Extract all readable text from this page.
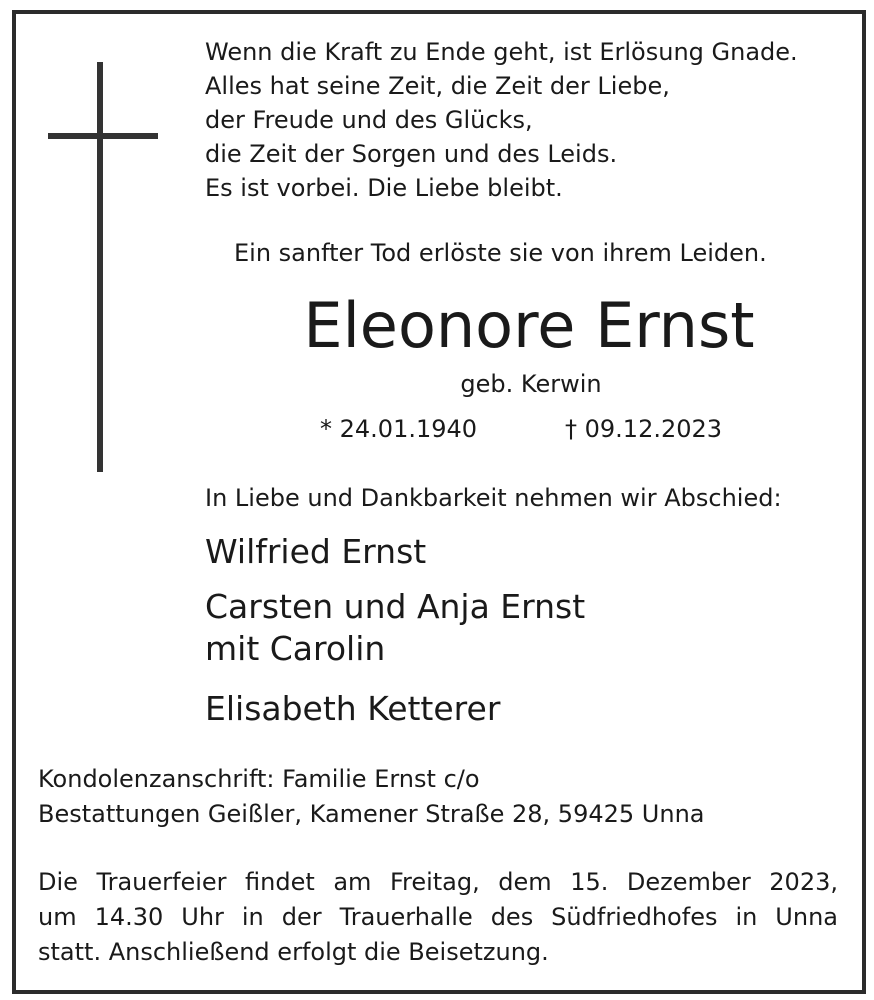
Wenn die Kraft zu Ende geht, ist Erlösung Gnade.
Alles hat seine Zeit, die Zeit der Liebe,
der Freude und des Glücks,
die Zeit der Sorgen und des Leids.
Es ist vorbei. Die Liebe bleibt.
Ein sanfter Tod erlöste sie von ihrem Leiden.
Eleonore Ernst
geb. Kerwin
* 24.01.1940	† 09.12.2023
In Liebe und Dankbarkeit nehmen wir Abschied:
Wilfried Ernst
Carsten und Anja Ernst
mit Carolin
Elisabeth Ketterer
Kondolenzanschrift: Familie Ernst c/o
Bestattungen Geißler, Kamener Straße 28, 59425 Unna
Die Trauerfeier findet am Freitag, dem 15. Dezember 2023,
um 14.30 Uhr in der Trauerhalle des Südfriedhofes in Unna
statt. Anschließend erfolgt die Beisetzung.
